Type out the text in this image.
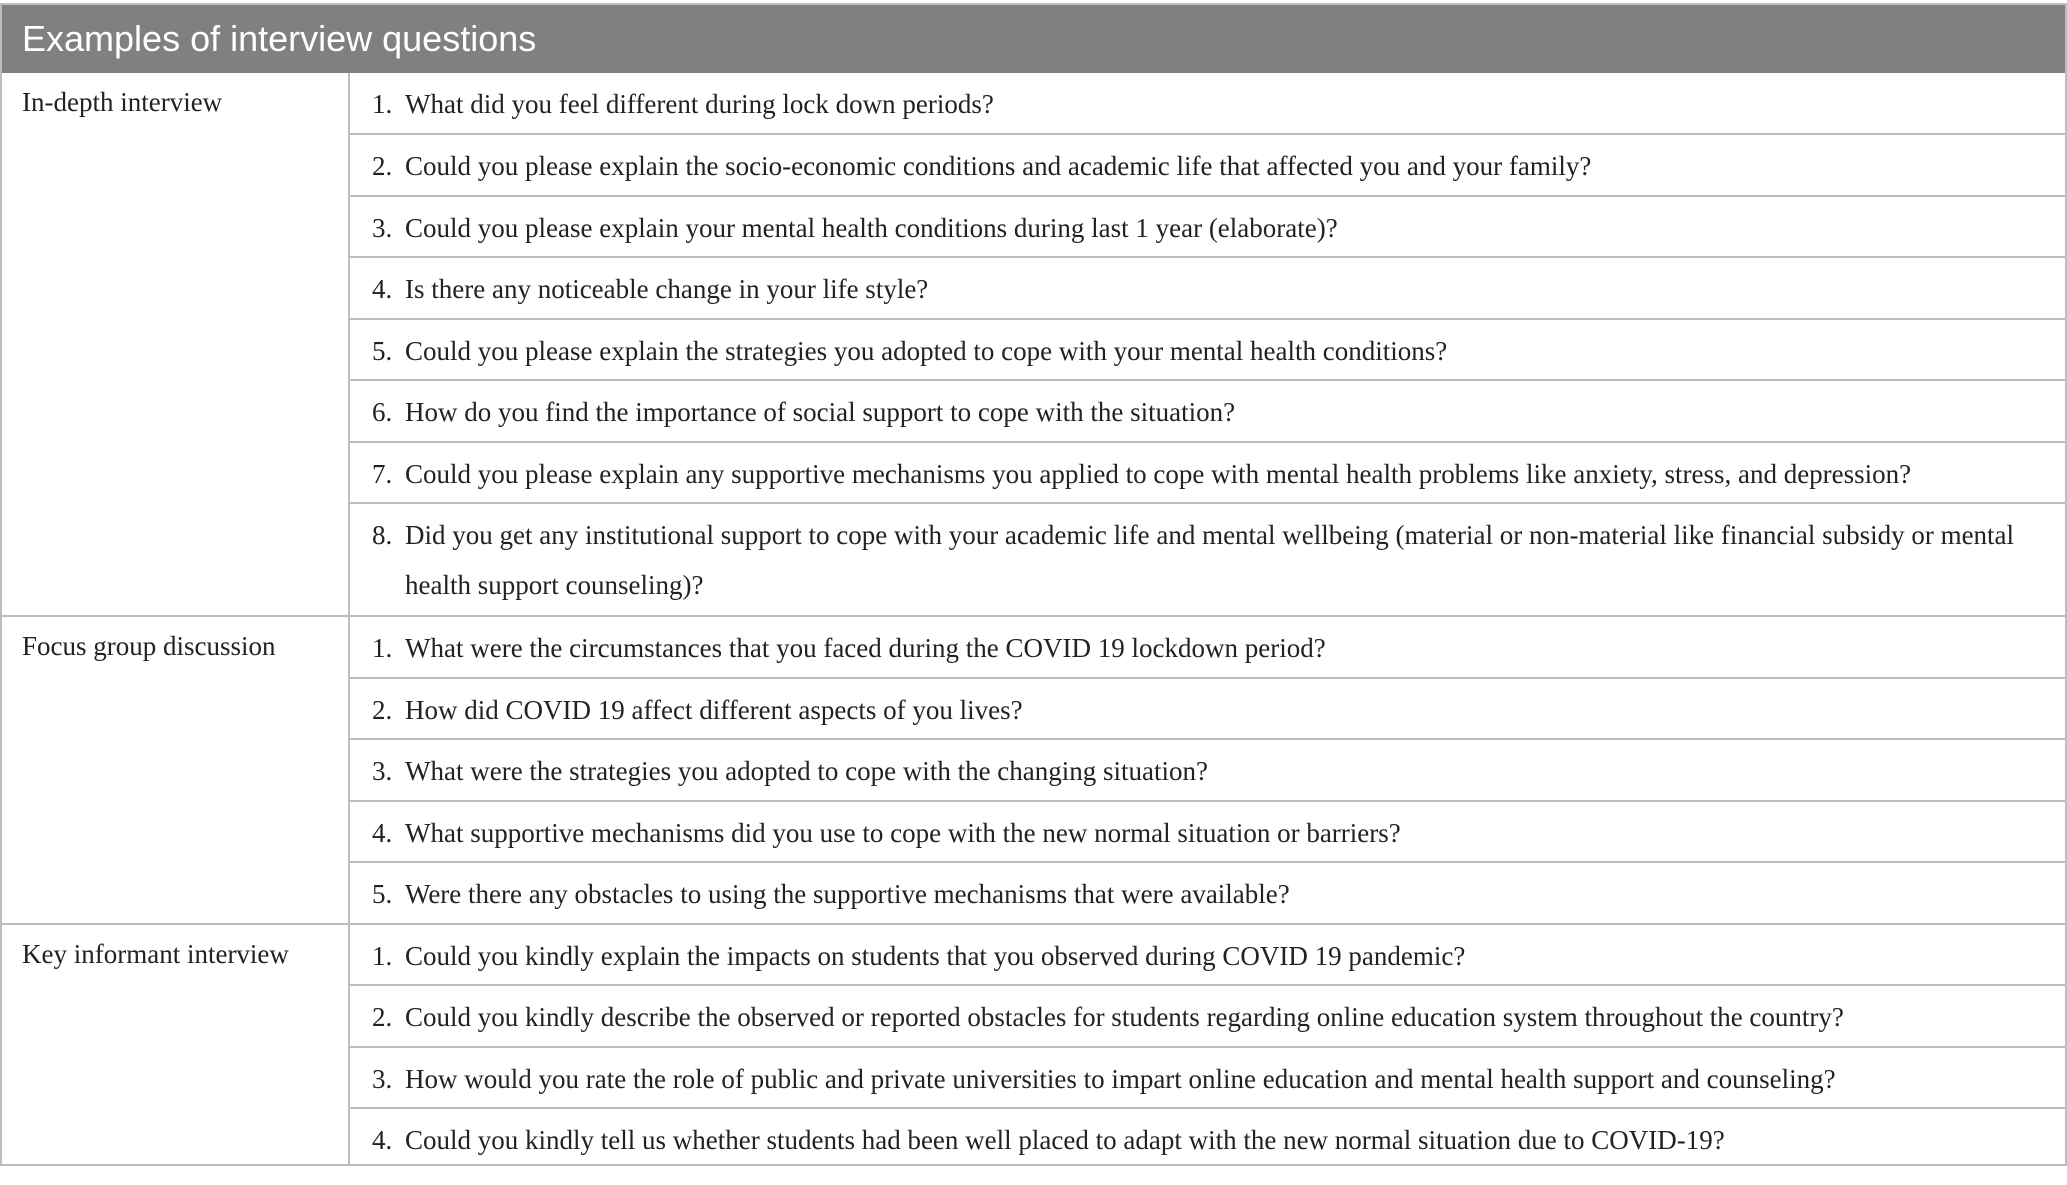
Examples of interview questions
In-depth interview	1. What did you feel different during lock down periods?
2. Could you please explain the socio-economic conditions and academic life that affected you and your family?
3. Could you please explain your mental health conditions during last 1 year (elaborate)?
4. Is there any noticeable change in your life style?
5. Could you please explain the strategies you adopted to cope with your mental health conditions?
6. How do you find the importance of social support to cope with the situation?
7. Could you please explain any supportive mechanisms you applied to cope with mental health problems like anxiety, stress, and depression?
8. Did you get any institutional support to cope with your academic life and mental wellbeing (material or non-material like financial subsidy or mental health support counseling)?
Focus group discussion	1. What were the circumstances that you faced during the COVID 19 lockdown period?
2. How did COVID 19 affect different aspects of you lives?
3. What were the strategies you adopted to cope with the changing situation?
4. What supportive mechanisms did you use to cope with the new normal situation or barriers?
5. Were there any obstacles to using the supportive mechanisms that were available?
Key informant interview	1. Could you kindly explain the impacts on students that you observed during COVID 19 pandemic?
2. Could you kindly describe the observed or reported obstacles for students regarding online education system throughout the country?
3. How would you rate the role of public and private universities to impart online education and mental health support and counseling?
4. Could you kindly tell us whether students had been well placed to adapt with the new normal situation due to COVID-19?
